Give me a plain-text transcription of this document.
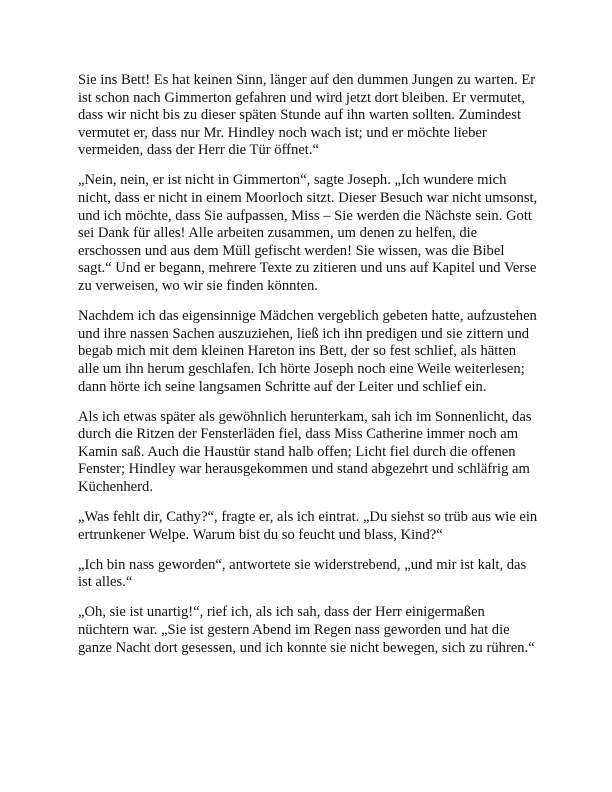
Sie ins Bett! Es hat keinen Sinn, länger auf den dummen Jungen zu warten. Er ist schon nach Gimmerton gefahren und wird jetzt dort bleiben. Er vermutet, dass wir nicht bis zu dieser späten Stunde auf ihn warten sollten. Zumindest vermutet er, dass nur Mr. Hindley noch wach ist; und er möchte lieber vermeiden, dass der Herr die Tür öffnet.“

„Nein, nein, er ist nicht in Gimmerton“, sagte Joseph. „Ich wundere mich nicht, dass er nicht in einem Moorloch sitzt. Dieser Besuch war nicht umsonst, und ich möchte, dass Sie aufpassen, Miss – Sie werden die Nächste sein. Gott sei Dank für alles! Alle arbeiten zusammen, um denen zu helfen, die erschossen und aus dem Müll gefischt werden! Sie wissen, was die Bibel sagt.“ Und er begann, mehrere Texte zu zitieren und uns auf Kapitel und Verse zu verweisen, wo wir sie finden könnten.

Nachdem ich das eigensinnige Mädchen vergeblich gebeten hatte, aufzustehen und ihre nassen Sachen auszuziehen, ließ ich ihn predigen und sie zittern und begab mich mit dem kleinen Hareton ins Bett, der so fest schlief, als hätten alle um ihn herum geschlafen. Ich hörte Joseph noch eine Weile weiterlesen; dann hörte ich seine langsamen Schritte auf der Leiter und schlief ein.

Als ich etwas später als gewöhnlich herunterkam, sah ich im Sonnenlicht, das durch die Ritzen der Fensterläden fiel, dass Miss Catherine immer noch am Kamin saß. Auch die Haustür stand halb offen; Licht fiel durch die offenen Fenster; Hindley war herausgekommen und stand abgezehrt und schläfrig am Küchenherd.

„Was fehlt dir, Cathy?“, fragte er, als ich eintrat. „Du siehst so trüb aus wie ein ertrunkener Welpe. Warum bist du so feucht und blass, Kind?“

„Ich bin nass geworden“, antwortete sie widerstrebend, „und mir ist kalt, das ist alles.“

„Oh, sie ist unartig!“, rief ich, als ich sah, dass der Herr einigermaßen nüchtern war. „Sie ist gestern Abend im Regen nass geworden und hat die ganze Nacht dort gesessen, und ich konnte sie nicht bewegen, sich zu rühren.“
